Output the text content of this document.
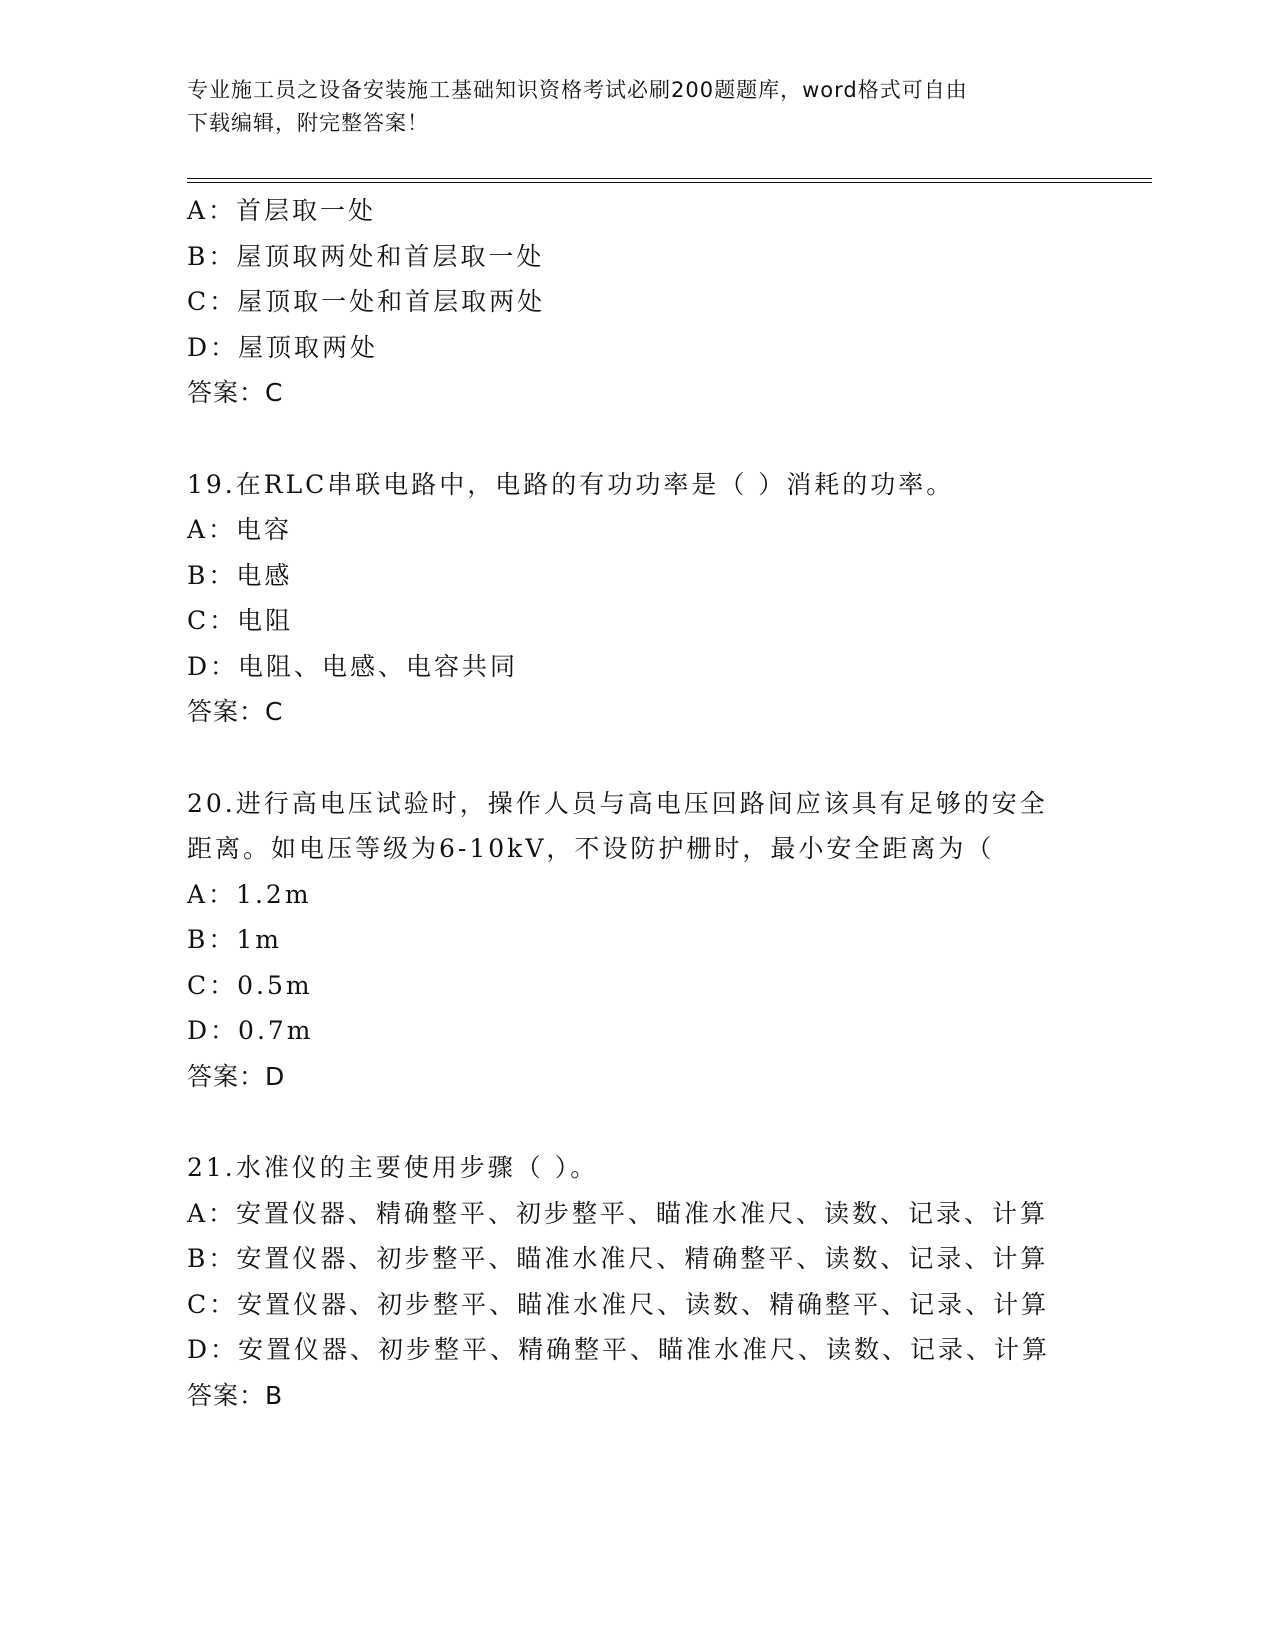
专业施工员之设备安装施工基础知识资格考试必刷200题题库，word格式可自由
下载编辑，附完整答案！
A：首层取一处
B：屋顶取两处和首层取一处
C：屋顶取一处和首层取两处
D：屋顶取两处
答案：C
19.在RLC串联电路中，电路的有功功率是（ ）消耗的功率。
A：电容
B：电感
C：电阻
D：电阻、电感、电容共同
答案：C
20.进行高电压试验时，操作人员与高电压回路间应该具有足够的安全
距离。如电压等级为6-10kV，不设防护栅时，最小安全距离为（
A：1.2m
B：1m
C：0.5m
D：0.7m
答案：D
21.水准仪的主要使用步骤（ ）。
A：安置仪器、精确整平、初步整平、瞄准水准尺、读数、记录、计算
B：安置仪器、初步整平、瞄准水准尺、精确整平、读数、记录、计算
C：安置仪器、初步整平、瞄准水准尺、读数、精确整平、记录、计算
D：安置仪器、初步整平、精确整平、瞄准水准尺、读数、记录、计算
答案：B
